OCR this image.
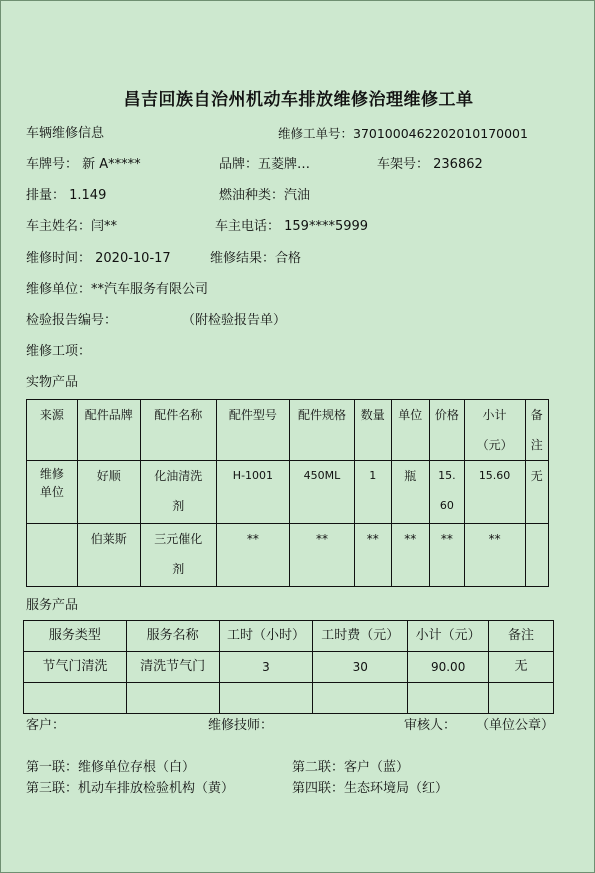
昌吉回族自治州机动车排放维修治理维修工单
车辆维修信息	维修工单号：370100046220201017000​1
车牌号： 新 A*****	品牌：五菱牌…	车架号： 236862
排量： 1.149	燃油种类：汽油
车主姓名：闫**	车主电话： 159****5999
维修时间： 2020-10-17	维修结果：合格
维修单位：**汽车服务有限公司
检验报告编号：	（附检验报告单）
维修工项：
实物产品
来源	配件品牌	配件名称	配件型号	配件规格	数量	单位	价格	小计（元）	备注

维修单位	好顺	化油清洗剂	H-1001	450ML	1	瓶	15.60	15.60	无
	伯莱斯	三元催化剂	**	**	**	**	**	**	
服务产品
服务类型	服务名称	工时（小时）	工时费（元）	小计（元）	备注
节气门清洗	清洗节气门	3	30	90.00	无

客户：	维修技师：	审核人： （单位公章）
第一联：维修单位存根（白）	第二联：客户（蓝）
第三联：机动车排放检验机构（黄）	第四联：生态环境局（红）
